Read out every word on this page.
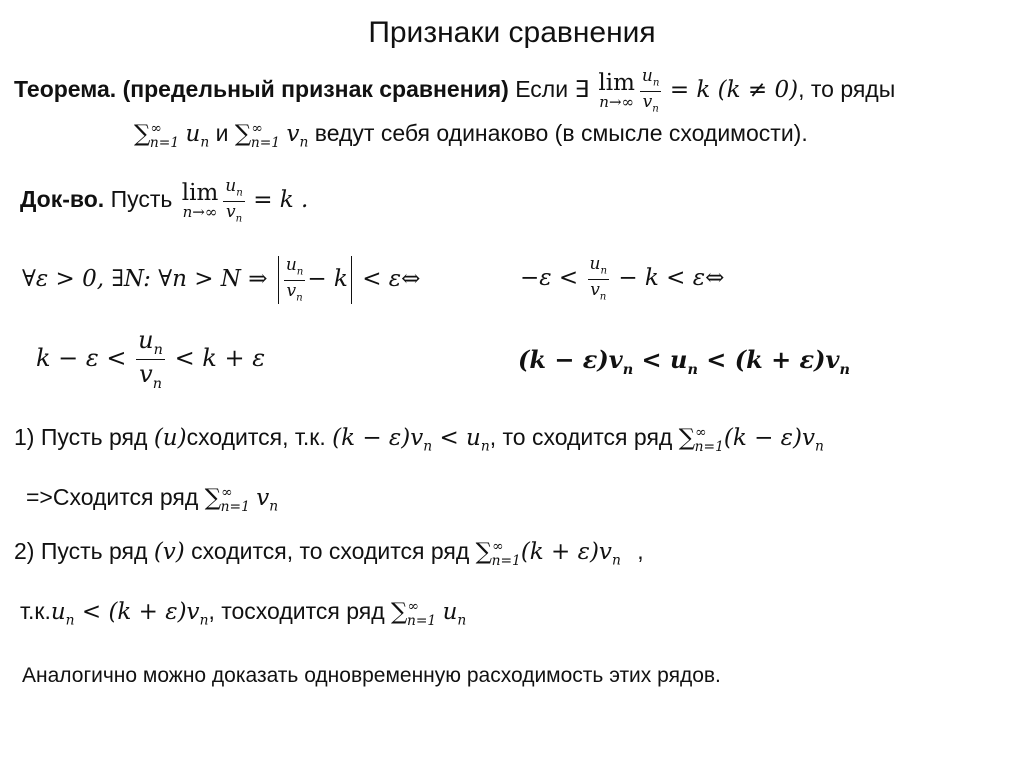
Признаки сравнения
Теорема. (предельный признак сравнения) Если ∃ lim
$n\to\infty \frac{u_n}{v_n} = k$ (k ≠ 0), то ряды
$\sum^\infty_{n=1}$ $u_n$ и $\sum^\infty_{n=1}$ $v_n$ ведут себя одинаково (в смысле сходимости).
Док-во. Пусть lim
$n\to\infty \frac{u_n}{v_n} = k$ .
∀ε > 0, ∃N: ∀n > N ⇒ $\frac{u_n}{v_n} - k$ < ε⇔	$-\varepsilon < \frac{u_n}{v_n} - k$ < ε⇔
$k - \varepsilon < \frac{u_n}{v_n} < k + \varepsilon$	$(k - \varepsilon)v_n < u_n < (k + \varepsilon)v_n$
1) Пусть ряд (u)сходится, т.к. $(k - \varepsilon)v_n < u_n$, то сходится ряд $\sum^\infty_{n=1}(k - \varepsilon)v_n$
=>Сходится ряд $\sum^\infty_{n=1}$ $v_n$
2) Пусть ряд (v) сходится, то сходится ряд $\sum^\infty_{n=1}(k + \varepsilon)v_n$ ,
$т.к.u_n < (k + \varepsilon)v_n$, тосходится ряд $\sum^\infty_{n=1}$ $u_n$
Аналогично можно доказать одновременную расходимость этих рядов.
